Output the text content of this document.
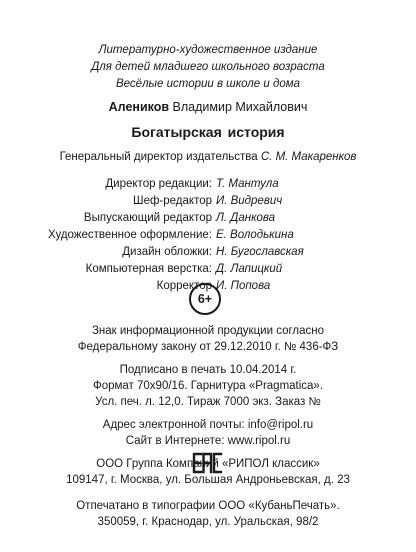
Литературно-художественное издание
Для детей младшего школьного возраста
Весёлые истории в школе и дома
Алеников Владимир Михайлович
Богатырская история
Генеральный директор издательства С. М. Макаренков
Директор редакции: Т. Мантула
Шеф-редактор И. Видревич
Выпускающий редактор Л. Данкова
Художественное оформление: Е. Володькина
Дизайн обложки: Н. Бугославская
Компьютерная верстка: Д. Лапицкий
Корректор И. Попова
6+
Знак информационной продукции согласно
Федеральному закону от 29.12.2010 г. № 436-ФЗ
Подписано в печать 10.04.2014 г.
Формат 70х90/16. Гарнитура «Pragmatica».
Усл. печ. л. 12,0. Тираж 7000 экз. Заказ №
Адрес электронной почты: info@ripol.ru
Сайт в Интернете: www.ripol.ru
ООО Группа Компаний «РИПОЛ классик»
109147, г. Москва, ул. Большая Андроньевская, д. 23
Отпечатано в типографии ООО «КубаньПечать».
350059, г. Краснодар, ул. Уральская, 98/2
